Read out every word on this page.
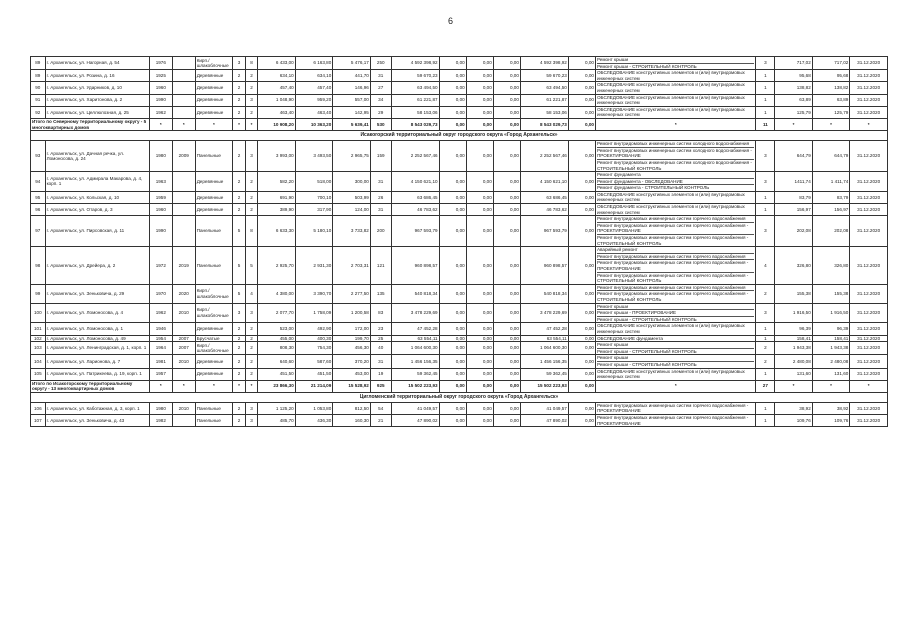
6
89	г. Архангельск, ул. Нагорная, д. 54	1976		Кирп./ шлакоблочные	3	8	6 433,00	6 163,80	5 476,17	250	4 592 398,92	0,00	0,00	0,00	4 592 398,92	0,00	Ремонт крыши
Ремонт крыши - СТРОИТЕЛЬНЫЙ КОНТРОЛЬ	3	717,02	717,02	31.12.2020
89	г. Архангельск, ул. Розина, д. 16	1925		Деревянные	2	2	634,10	634,10	441,70	31	59 670,23	0,00	0,00	0,00	59 670,23	0,00	ОБСЛЕДОВАНИЕ конструктивных элементов и (или) внутридомовых инженерных систем	1	95,68	95,68	31.12.2020
90	г. Архангельск, ул. Ударников, д. 10	1960		Деревянные	2	2	457,40	457,40	146,96	27	63 494,50	0,00	0,00	0,00	63 494,50	0,00	ОБСЛЕДОВАНИЕ конструктивных элементов и (или) внутридомовых инженерных систем	1	138,82	138,82	31.12.2020
91	г. Архангельск, ул. Харитонова, д. 2	1990		Деревянные	2	3	1 048,90	959,20	557,00	34	61 221,87	0,00	0,00	0,00	61 221,87	0,00	ОБСЛЕДОВАНИЕ конструктивных элементов и (или) внутридомовых инженерных систем	1	63,89	63,89	31.12.2020
92	г. Архангельск, ул. Целлюлозная, д. 25	1962		Деревянные	2	2	463,40	463,40	142,95	29	58 153,06	0,00	0,00	0,00	58 153,06	0,00	ОБСЛЕДОВАНИЕ конструктивных элементов и (или) внутридомовых инженерных систем	1	125,79	125,79	31.12.2020
Итого по Северному территориальному округу - 5 многоквартирных домов		*	*	*	*	*	10 908,20	10 363,20	5 639,41	530	8 543 029,73	0,00	0,00	0,00	8 543 029,73	0,00	*	11	*	*	*
Исакогорский территориальный округ городского округа «Город Архангельск»																					
93	г. Архангельск, ул. Дачная речка, ул. Ломоносова, д. 24	1980	2009	Панельные	2	3	3 993,00	3 493,50	2 965,75	159	2 252 567,46	0,00	0,00	0,00	2 252 567,46	0,00	Ремонт внутридомовых инженерных систем холодного водоснабжения
Ремонт внутридомовых инженерных систем холодного водоснабжения - ПРОЕКТИРОВАНИЕ
Ремонт внутридомовых инженерных систем холодного водоснабжения - СТРОИТЕЛЬНЫЙ КОНТРОЛЬ	3	644,79	644,79	31.12.2020
94	г. Архангельск, ул. Адмирала Макарова, д. 4, корп. 1	1963		Деревянные	2	2	582,20	518,00	300,00	31	4 150 621,10	0,00	0,00	0,00	4 150 621,10	0,00	Ремонт фундамента
Ремонт фундамента - ОБСЛЕДОВАНИЕ
Ремонт фундамента - СТРОИТЕЛЬНЫЙ КОНТРОЛЬ	3	1411,74	1 411,74	31.12.2020
95	г. Архангельск, ул. Кольская, д. 10	1959		Деревянные	2	2	691,90	700,10	503,99	26	63 686,45	0,00	0,00	0,00	63 686,45	0,00	ОБСЛЕДОВАНИЕ конструктивных элементов и (или) внутридомовых инженерных систем	1	83,79	83,79	31.12.2020
96	г. Архангельск, ул. Отаров, д. 3	1960		Деревянные	2	2	389,90	317,90	124,00	31	46 783,62	0,00	0,00	0,00	46 783,62	0,00	ОБСЛЕДОВАНИЕ конструктивных элементов и (или) внутридомовых инженерных систем	1	156,97	156,97	31.12.2020
97	г. Архангельск, ул. Пирсовская, д. 11	1990		Панельные	5	8	6 633,30	5 180,10	3 733,82	200	967 593,79	0,00	0,00	0,00	967 593,79	0,00	Ремонт внутридомовых инженерных систем горячего водоснабжения
Ремонт внутридомовых инженерных систем горячего водоснабжения - ПРОЕКТИРОВАНИЕ
Ремонт внутридомовых инженерных систем горячего водоснабжения - СТРОИТЕЛЬНЫЙ КОНТРОЛЬ	3	202,08	202,08	31.12.2020
98	г. Архангельск, ул. Дрейера, д. 2	1972	2019	Панельные	5	5	2 925,70	2 931,30	2 703,31	121	960 898,57	0,00	0,00	0,00	960 898,57	0,00	Аварийный ремонт
Ремонт внутридомовых инженерных систем горячего водоснабжения
Ремонт внутридомовых инженерных систем горячего водоснабжения - ПРОЕКТИРОВАНИЕ
Ремонт внутридомовых инженерных систем горячего водоснабжения - СТРОИТЕЛЬНЫЙ КОНТРОЛЬ	4	326,80	326,80	31.12.2020
99	г. Архангельск, ул. Зеньковича, д. 29	1970	2020	Кирп./ шлакоблочные	5	4	4 380,00	3 390,70	2 277,50	135	540 818,34	0,00	0,00	0,00	540 818,34	0,00	Ремонт внутридомовых инженерных систем горячего водоснабжения
Ремонт внутридомовых инженерных систем горячего водоснабжения - СТРОИТЕЛЬНЫЙ КОНТРОЛЬ	2	155,38	155,38	31.12.2020
100	г. Архангельск, ул. Ломоносова, д. 4	1962	2010	Кирп./ шлакоблочные	3	3	2 077,70	1 758,09	1 200,58	83	3 478 229,69	0,00	0,00	0,00	3 478 229,69	0,00	Ремонт крыши
Ремонт крыши - ПРОЕКТИРОВАНИЕ
Ремонт крыши - СТРОИТЕЛЬНЫЙ КОНТРОЛЬ	3	1 916,50	1 916,50	31.12.2020
101	г. Архангельск, ул. Ломоносова, д. 1	1946		Деревянные	2	2	523,00	492,90	172,00	23	47 452,28	0,00	0,00	0,00	47 452,28	0,00	ОБСЛЕДОВАНИЕ конструктивных элементов и (или) внутридомовых инженерных систем	1	96,39	96,39	31.12.2020
102	г. Архангельск, ул. Ломоносова, д. 49	1954	2007	Брусчатые	2	2	455,00	400,30	199,70	25	63 554,11	0,00	0,00	0,00	63 554,11	0,00	ОБСЛЕДОВАНИЕ фундамента	1	158,41	158,41	31.12.2020
103	г. Архангельск, ул. Ленинградская, д. 1, корп. 1	1964	2007	Кирп./ шлакоблочные	2	2	808,30	754,30	456,30	40	1 064 600,30	0,00	0,00	0,00	1 064 600,30	0,00	Ремонт крыши
Ремонт крыши - СТРОИТЕЛЬНЫЙ КОНТРОЛЬ	2	1 943,38	1 943,38	31.12.2020
104	г. Архангельск, ул. Ларионова, д. 7	1981	2010	Деревянные	2	2	640,60	587,60	370,20	31	1 456 156,35	0,00	0,00	0,00	1 456 156,35	0,00	Ремонт крыши
Ремонт крыши - СТРОИТЕЛЬНЫЙ КОНТРОЛЬ	2	2 480,08	2 480,08	31.12.2020
105	г. Архангельск, ул. Патрикеева, д. 19, корп. 1	1957		Деревянные	2	2	451,50	451,50	453,00	19	59 362,45	0,00	0,00	0,00	59 362,45	0,00	ОБСЛЕДОВАНИЕ конструктивных элементов и (или) внутридомовых инженерных систем	1	131,60	131,60	31.12.2020
Итого по Исакогорскому территориальному округу - 13 многоквартирных домов		*	*	*	*	*	23 866,30	21 214,09	15 528,92	925	15 502 223,93	0,00	0,00	0,00	15 502 223,93	0,00	*	27	*	*	*
Цигломенский территориальный округ городского округа «Город Архангельск»																					
106	г. Архангельск, ул. Каботажная, д. 3, корп. 1	1980	2010	Панельные	2	3	1 125,20	1 053,80	812,50	54	41 049,57	0,00	0,00	0,00	41 049,57	0,00	Ремонт внутридомовых инженерных систем горячего водоснабжения - ПРОЕКТИРОВАНИЕ	1	38,92	38,92	31.12.2020
107	г. Архангельск, ул. Зеньковича, д. 43	1982		Панельные	2	3	485,70	436,30	160,30	21	47 890,02	0,00	0,00	0,00	47 890,02	0,00	Ремонт внутридомовых инженерных систем горячего водоснабжения - ПРОЕКТИРОВАНИЕ	1	109,76	109,76	31.12.2020
